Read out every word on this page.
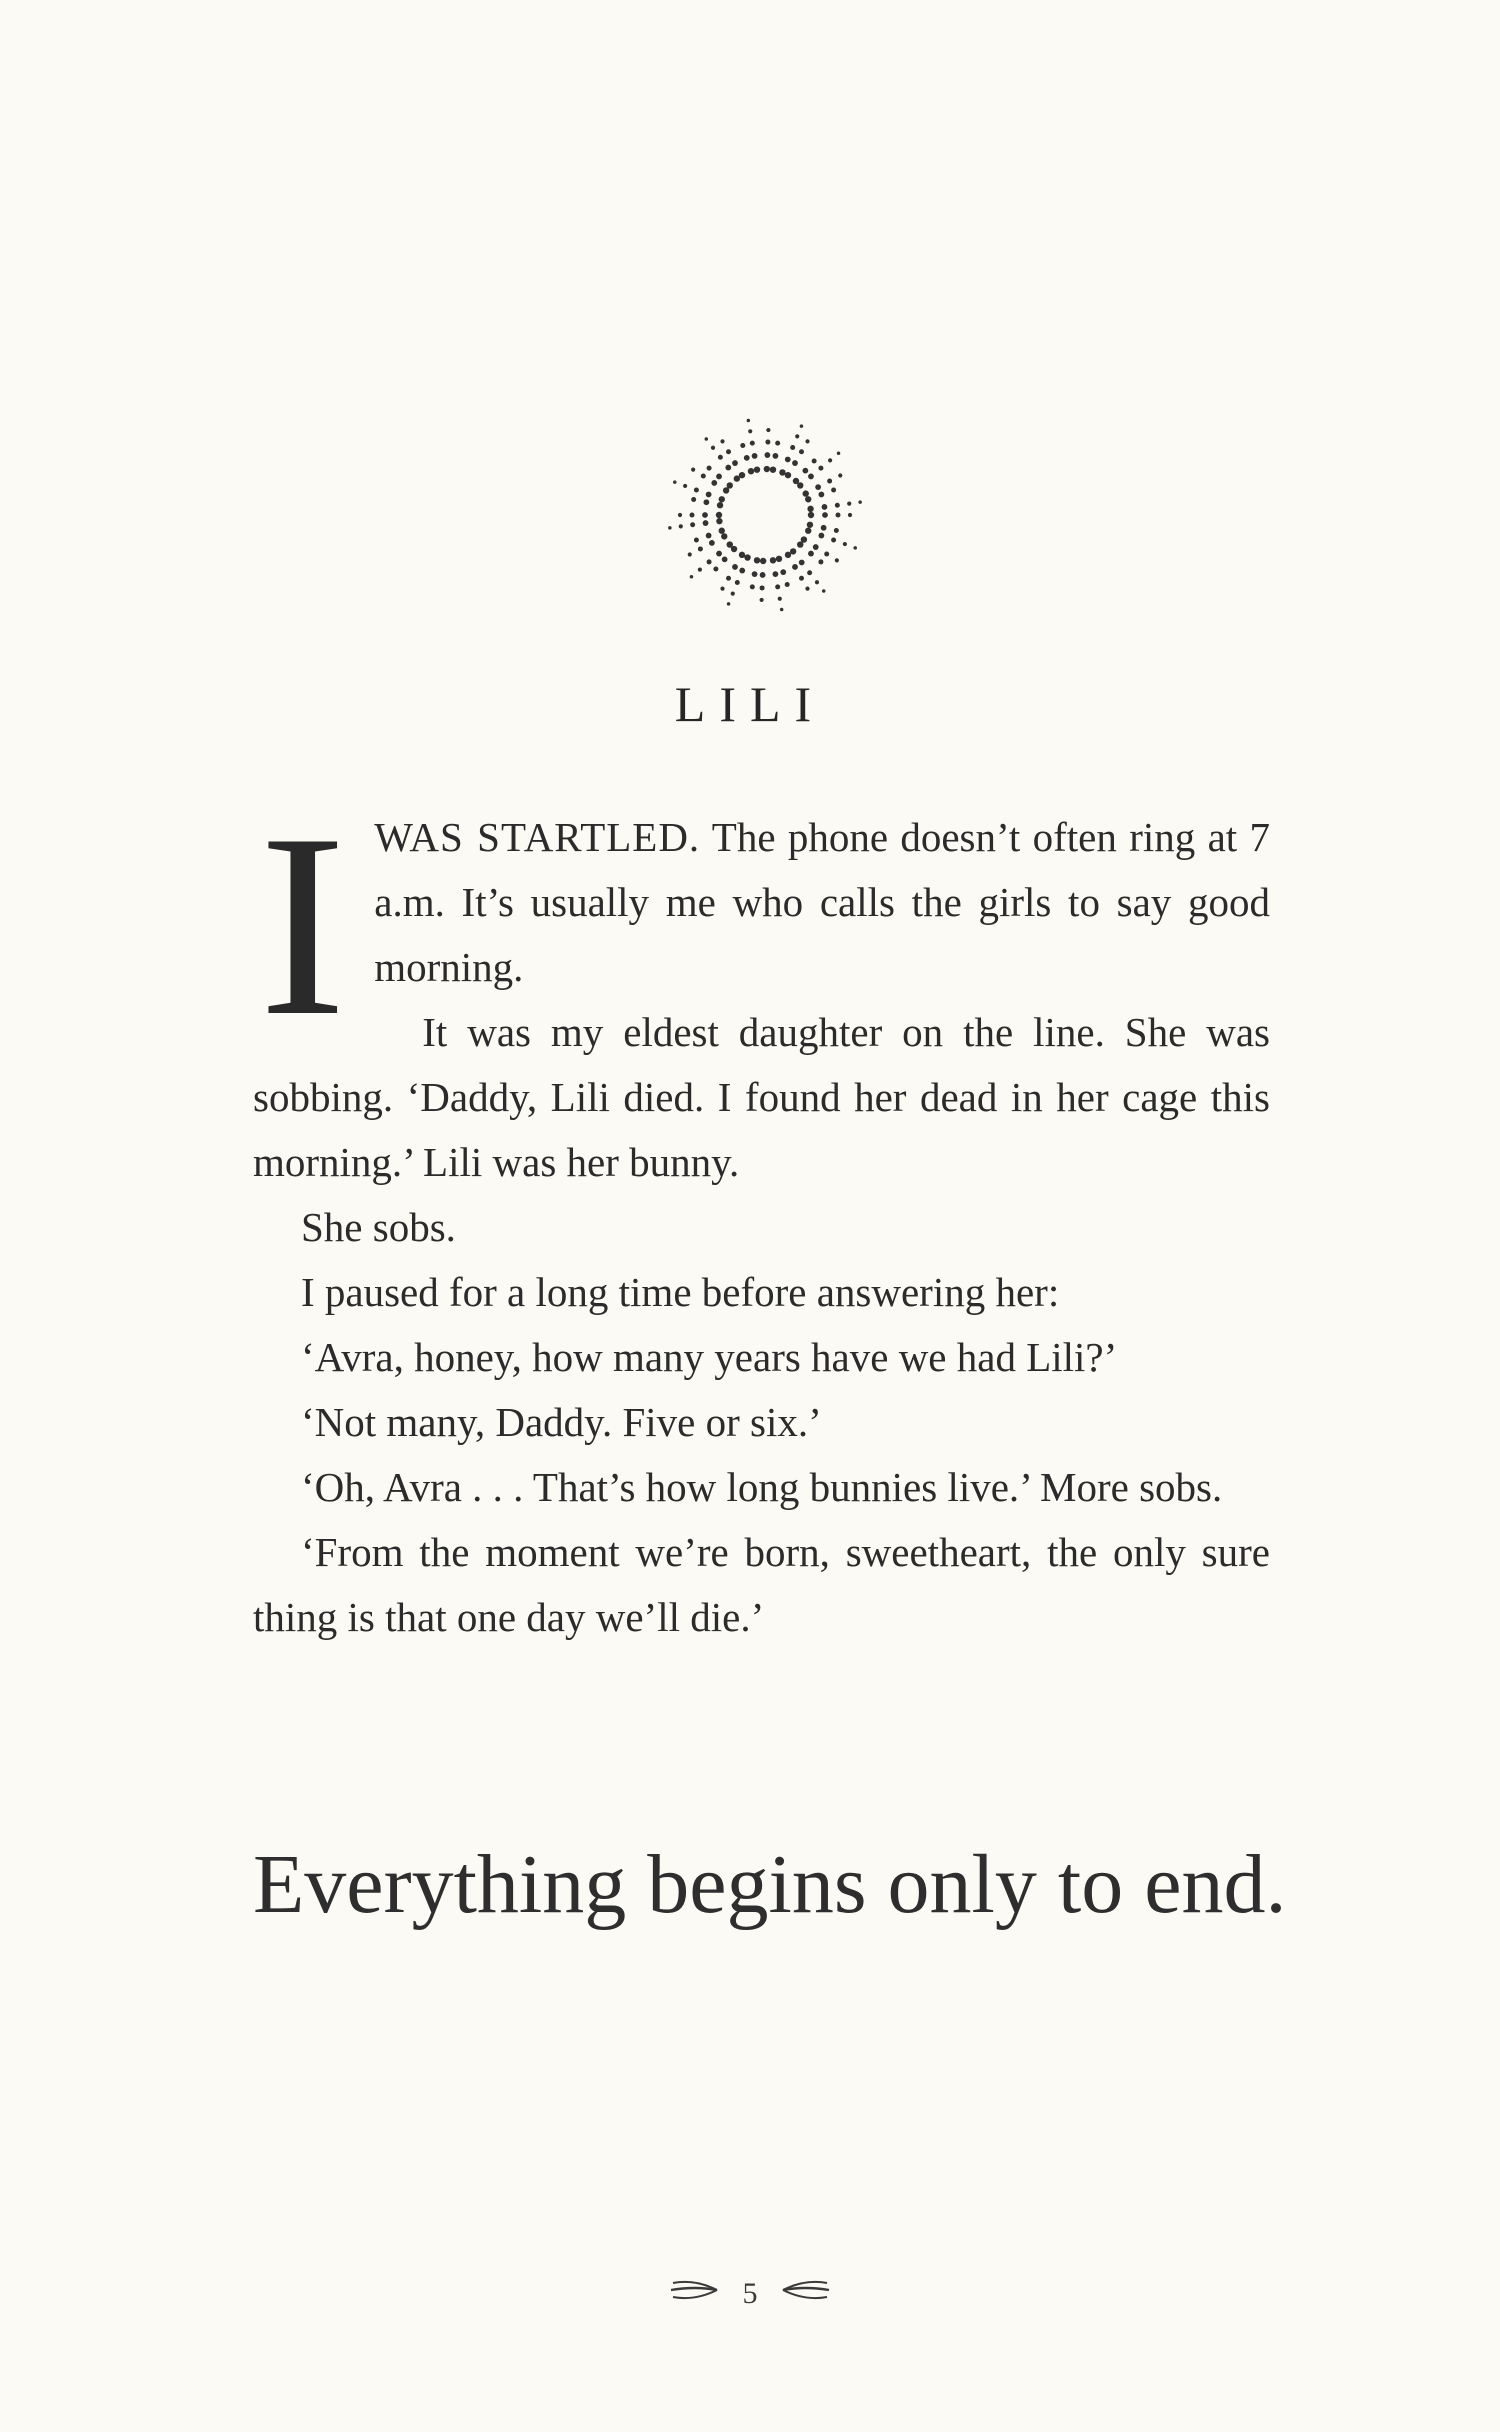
LILI

IWAS STARTLED. The phone doesn’t often ring at 7 a.m. It’s usually me who calls the girls to say good morning.

It was my eldest daughter on the line. She was sobbing. ‘Daddy, Lili died. I found her dead in her cage this morning.’ Lili was her bunny.

She sobs.

I paused for a long time before answering her:

‘Avra, honey, how many years have we had Lili?’

‘Not many, Daddy. Five or six.’

‘Oh, Avra . . . That’s how long bunnies live.’ More sobs.

‘From the moment we’re born, sweetheart, the only sure thing is that one day we’ll die.’

Everything begins only to end.

5
